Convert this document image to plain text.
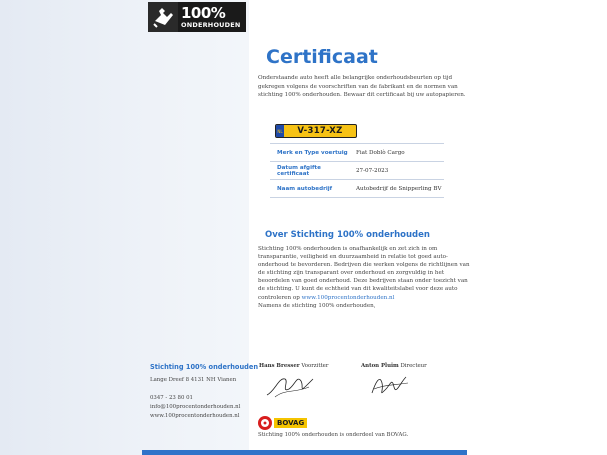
100%
ONDERHOUDEN
Certificaat

Onderstaande auto heeft alle belangrijke onderhoudsbeurten op tijd gekregen volgens de voorschriften van de fabrikant en de normen van stichting 100% onderhouden. Bewaar dit certificaat bij uw autopapieren.

NL	V-317-XZ
Merk en Type voertuig	Fiat Doblò Cargo
Datum afgifte certificaat	27-07-2023
Naam autobedrijf	Autobedrijf de Snipperling BV
Over Stichting 100% onderhouden

Stichting 100% onderhouden is onafhankelijk en zet zich in om transparantie, veiligheid en duurzaamheid in relatie tot goed auto-onderhoud te bevorderen. Bedrijven die werken volgens de richtlijnen van de stichting zijn transparant over onderhoud en zorgvuldig in het beoordelen van goed onderhoud. Deze bedrijven staan onder toezicht van de stichting. U kunt de echtheid van dit kwaliteitslabel voor deze auto controleren op www.100procentonderhouden.nl
Namens de stichting 100% onderhouden,

Stichting 100% onderhouden

Lange Dreef 8 4131 NH Vianen

0347 - 23 80 01

info@100procentonderhouden.nl

www.100procentonderhouden.nl

Hans Bresser Voorzitter	Anton Pluim Directeur

BOVAG

Stichting 100% onderhouden is onderdeel van BOVAG.
